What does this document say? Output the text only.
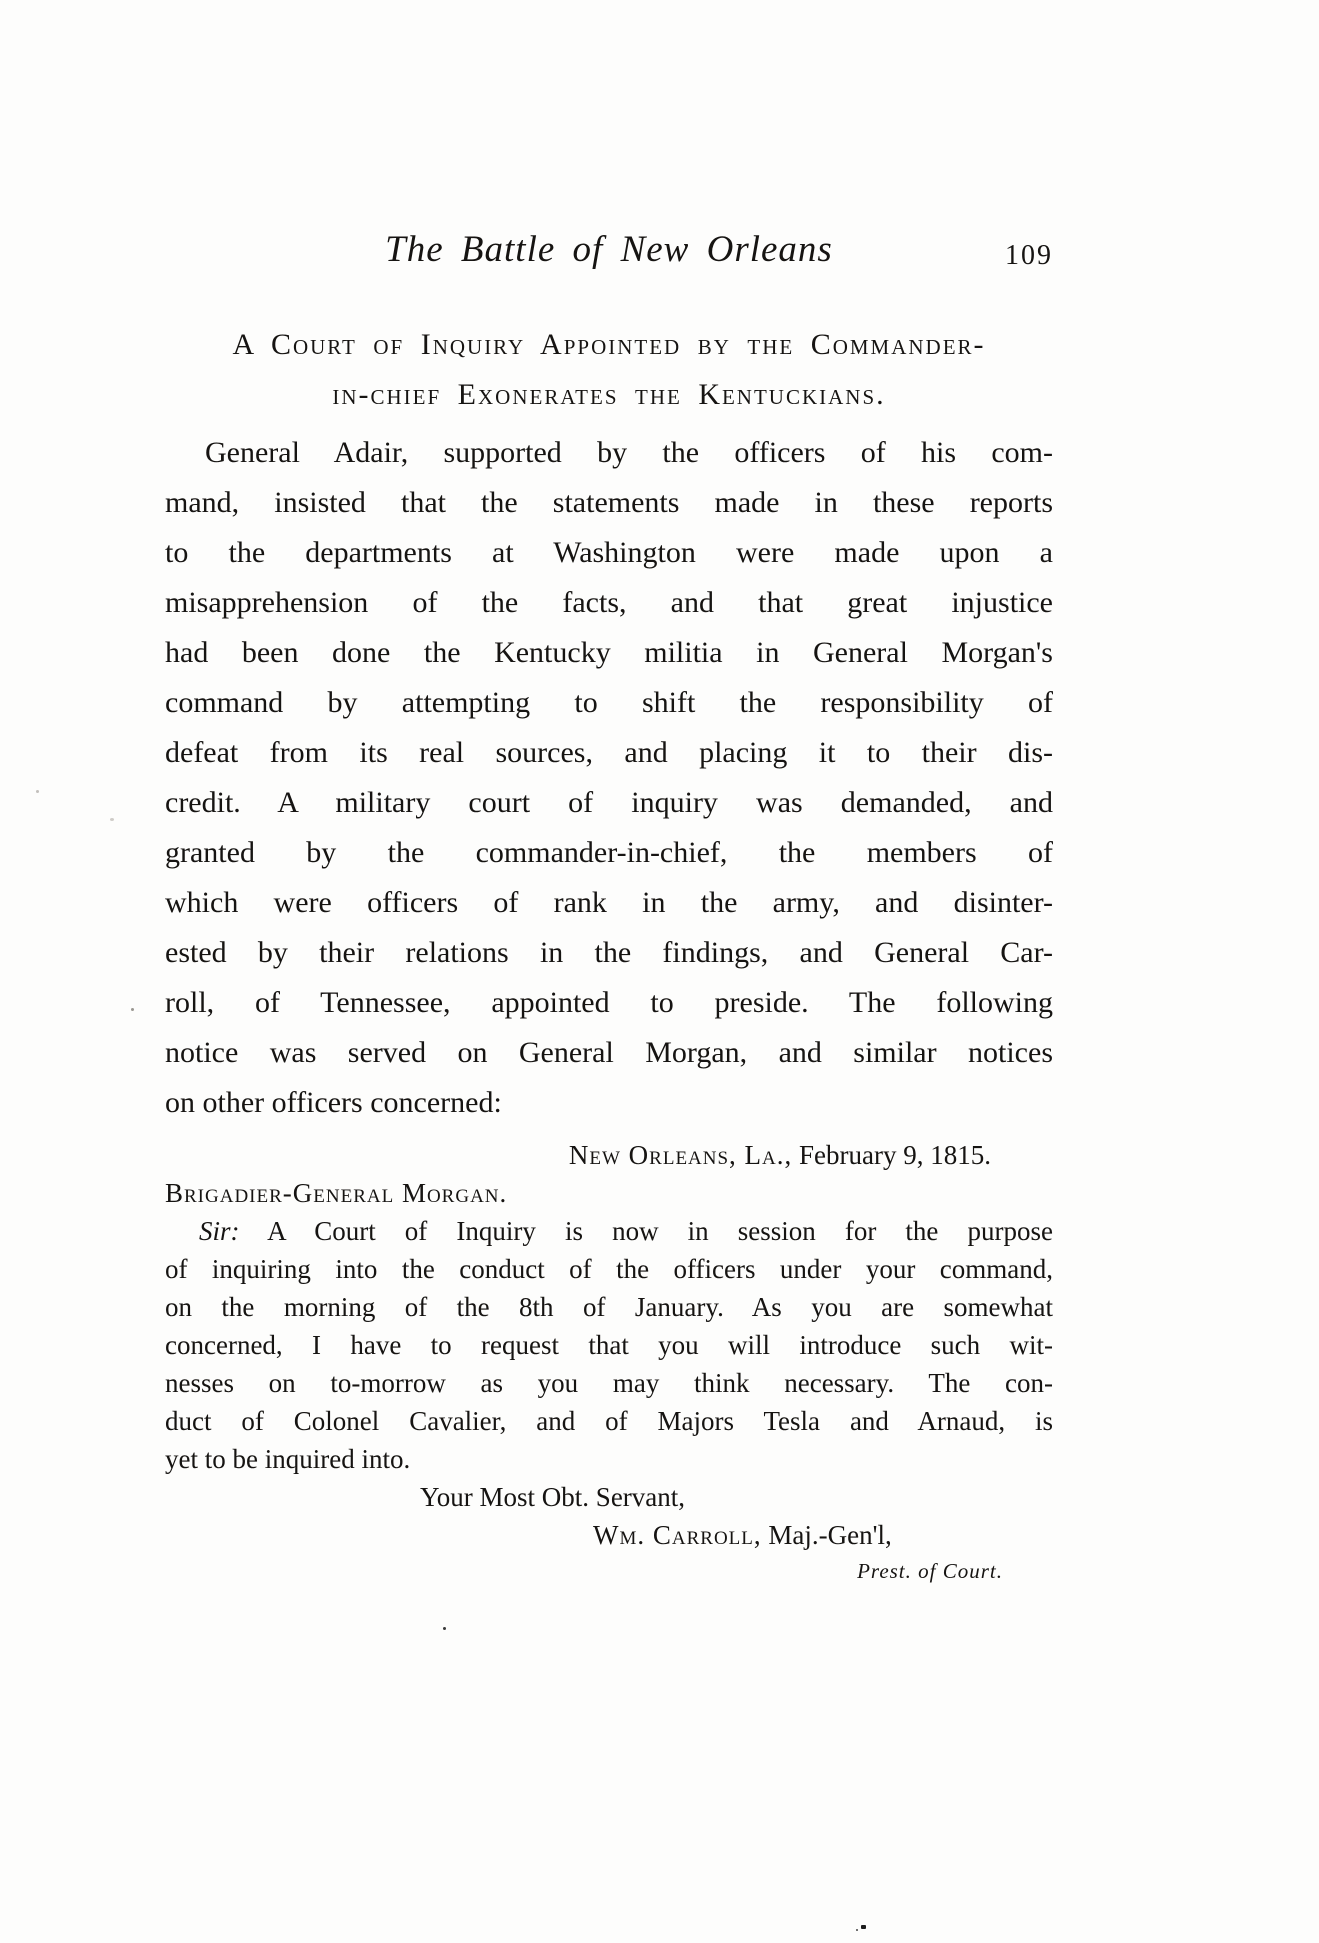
The Battle of New Orleans	109
A Court of Inquiry Appointed by the Commander-
in-chief Exonerates the Kentuckians.
General Adair, supported by the officers of his com-
mand, insisted that the statements made in these reports
to the departments at Washington were made upon a
misapprehension of the facts, and that great injustice
had been done the Kentucky militia in General Morgan's
command by attempting to shift the responsibility of
defeat from its real sources, and placing it to their dis-
credit. A military court of inquiry was demanded, and
granted by the commander-in-chief, the members of
which were officers of rank in the army, and disinter-
ested by their relations in the findings, and General Car-
roll, of Tennessee, appointed to preside. The following
notice was served on General Morgan, and similar notices
on other officers concerned:
New Orleans, La., February 9, 1815.
Brigadier-General Morgan.
Sir: A Court of Inquiry is now in session for the purpose
of inquiring into the conduct of the officers under your command,
on the morning of the 8th of January. As you are somewhat
concerned, I have to request that you will introduce such wit-
nesses on to-morrow as you may think necessary. The con-
duct of Colonel Cavalier, and of Majors Tesla and Arnaud, is
yet to be inquired into.
Your Most Obt. Servant,
Wm. Carroll, Maj.-Gen'l,
Prest. of Court.
